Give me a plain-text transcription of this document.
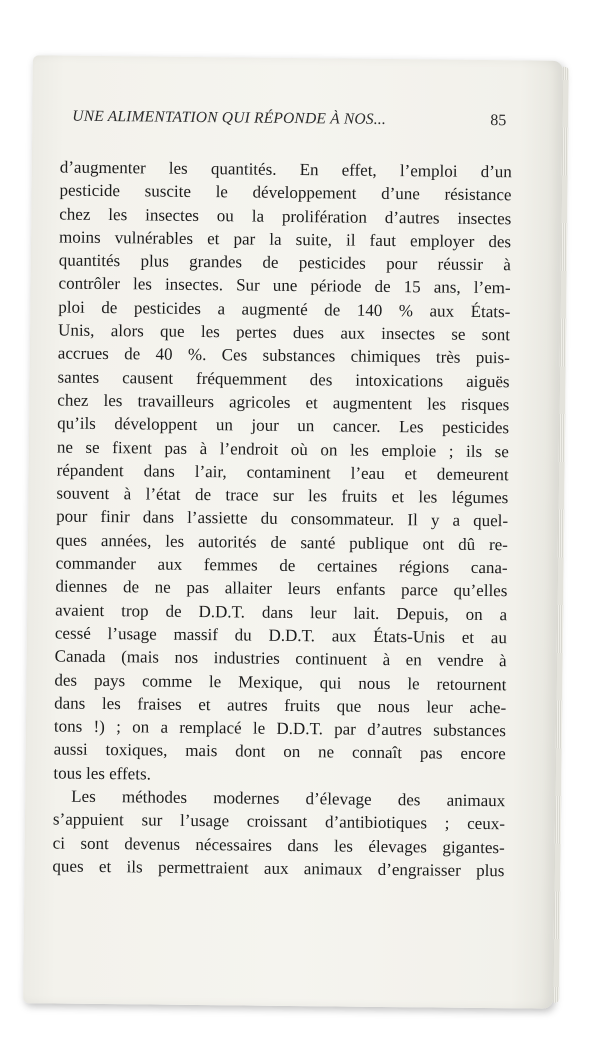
UNE ALIMENTATION QUI RÉPONDE À NOS...	85
d’augmenter les quantités. En effet, l’emploi d’un
pesticide suscite le développement d’une résistance
chez les insectes ou la prolifération d’autres insectes
moins vulnérables et par la suite, il faut employer des
quantités plus grandes de pesticides pour réussir à
contrôler les insectes. Sur une période de 15 ans, l’em-
ploi de pesticides a augmenté de 140 % aux États-
Unis, alors que les pertes dues aux insectes se sont
accrues de 40 %. Ces substances chimiques très puis-
santes causent fréquemment des intoxications aiguës
chez les travailleurs agricoles et augmentent les risques
qu’ils développent un jour un cancer. Les pesticides
ne se fixent pas à l’endroit où on les emploie ; ils se
répandent dans l’air, contaminent l’eau et demeurent
souvent à l’état de trace sur les fruits et les légumes
pour finir dans l’assiette du consommateur. Il y a quel-
ques années, les autorités de santé publique ont dû re-
commander aux femmes de certaines régions cana-
diennes de ne pas allaiter leurs enfants parce qu’elles
avaient trop de D.D.T. dans leur lait. Depuis, on a
cessé l’usage massif du D.D.T. aux États-Unis et au
Canada (mais nos industries continuent à en vendre à
des pays comme le Mexique, qui nous le retournent
dans les fraises et autres fruits que nous leur ache-
tons !) ; on a remplacé le D.D.T. par d’autres substances
aussi toxiques, mais dont on ne connaît pas encore
tous les effets.
Les méthodes modernes d’élevage des animaux
s’appuient sur l’usage croissant d’antibiotiques ; ceux-
ci sont devenus nécessaires dans les élevages gigantes-
ques et ils permettraient aux animaux d’engraisser plus
